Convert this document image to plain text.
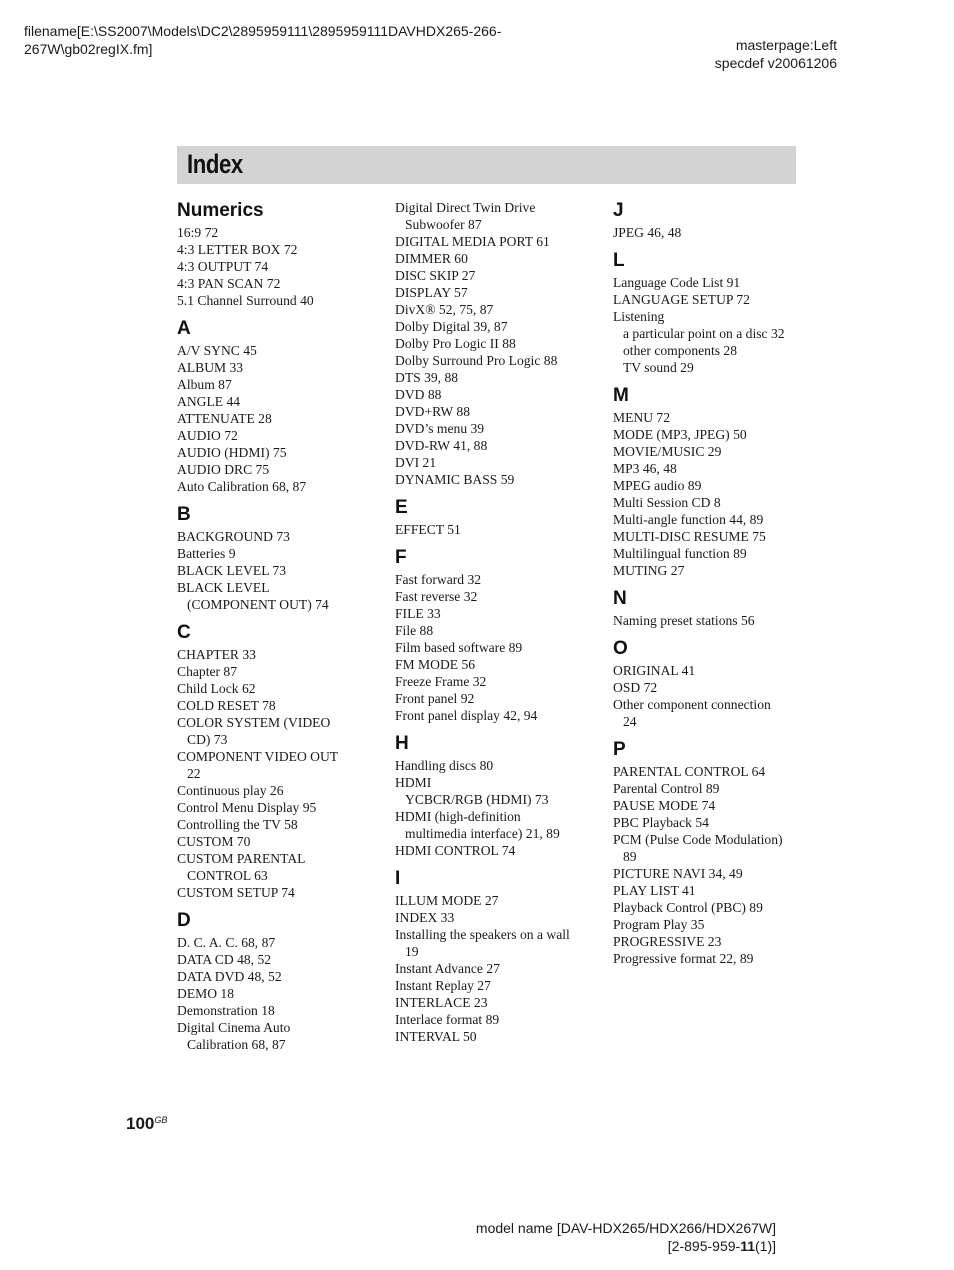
filename[E:\SS2007\Models\DC2\2895959111\2895959111DAVHDX265-266-
267W\gb02regIX.fm]	masterpage:Left
specdef v20061206
Index
Numerics
16:9 72
4:3 LETTER BOX 72
4:3 OUTPUT 74
4:3 PAN SCAN 72
5.1 Channel Surround 40
A
A/V SYNC 45
ALBUM 33
Album 87
ANGLE 44
ATTENUATE 28
AUDIO 72
AUDIO (HDMI) 75
AUDIO DRC 75
Auto Calibration 68, 87
B
BACKGROUND 73
Batteries 9
BLACK LEVEL 73
BLACK LEVEL
(COMPONENT OUT) 74
C
CHAPTER 33
Chapter 87
Child Lock 62
COLD RESET 78
COLOR SYSTEM (VIDEO
CD) 73
COMPONENT VIDEO OUT
22
Continuous play 26
Control Menu Display 95
Controlling the TV 58
CUSTOM 70
CUSTOM PARENTAL
CONTROL 63
CUSTOM SETUP 74
D
D. C. A. C. 68, 87
DATA CD 48, 52
DATA DVD 48, 52
DEMO 18
Demonstration 18
Digital Cinema Auto
Calibration 68, 87
Digital Direct Twin Drive
Subwoofer 87
DIGITAL MEDIA PORT 61
DIMMER 60
DISC SKIP 27
DISPLAY 57
DivX® 52, 75, 87
Dolby Digital 39, 87
Dolby Pro Logic II 88
Dolby Surround Pro Logic 88
DTS 39, 88
DVD 88
DVD+RW 88
DVD’s menu 39
DVD-RW 41, 88
DVI 21
DYNAMIC BASS 59
E
EFFECT 51
F
Fast forward 32
Fast reverse 32
FILE 33
File 88
Film based software 89
FM MODE 56
Freeze Frame 32
Front panel 92
Front panel display 42, 94
H
Handling discs 80
HDMI
YCBCR/RGB (HDMI) 73
HDMI (high-definition
multimedia interface) 21, 89
HDMI CONTROL 74
I
ILLUM MODE 27
INDEX 33
Installing the speakers on a wall
19
Instant Advance 27
Instant Replay 27
INTERLACE 23
Interlace format 89
INTERVAL 50
J
JPEG 46, 48
L
Language Code List 91
LANGUAGE SETUP 72
Listening
a particular point on a disc 32
other components 28
TV sound 29
M
MENU 72
MODE (MP3, JPEG) 50
MOVIE/MUSIC 29
MP3 46, 48
MPEG audio 89
Multi Session CD 8
Multi-angle function 44, 89
MULTI-DISC RESUME 75
Multilingual function 89
MUTING 27
N
Naming preset stations 56
O
ORIGINAL 41
OSD 72
Other component connection
24
P
PARENTAL CONTROL 64
Parental Control 89
PAUSE MODE 74
PBC Playback 54
PCM (Pulse Code Modulation)
89
PICTURE NAVI 34, 49
PLAY LIST 41
Playback Control (PBC) 89
Program Play 35
PROGRESSIVE 23
Progressive format 22, 89
$100^{GB}$
model name [DAV-HDX265/HDX266/HDX267W]
[2-895-959-11(1)]
